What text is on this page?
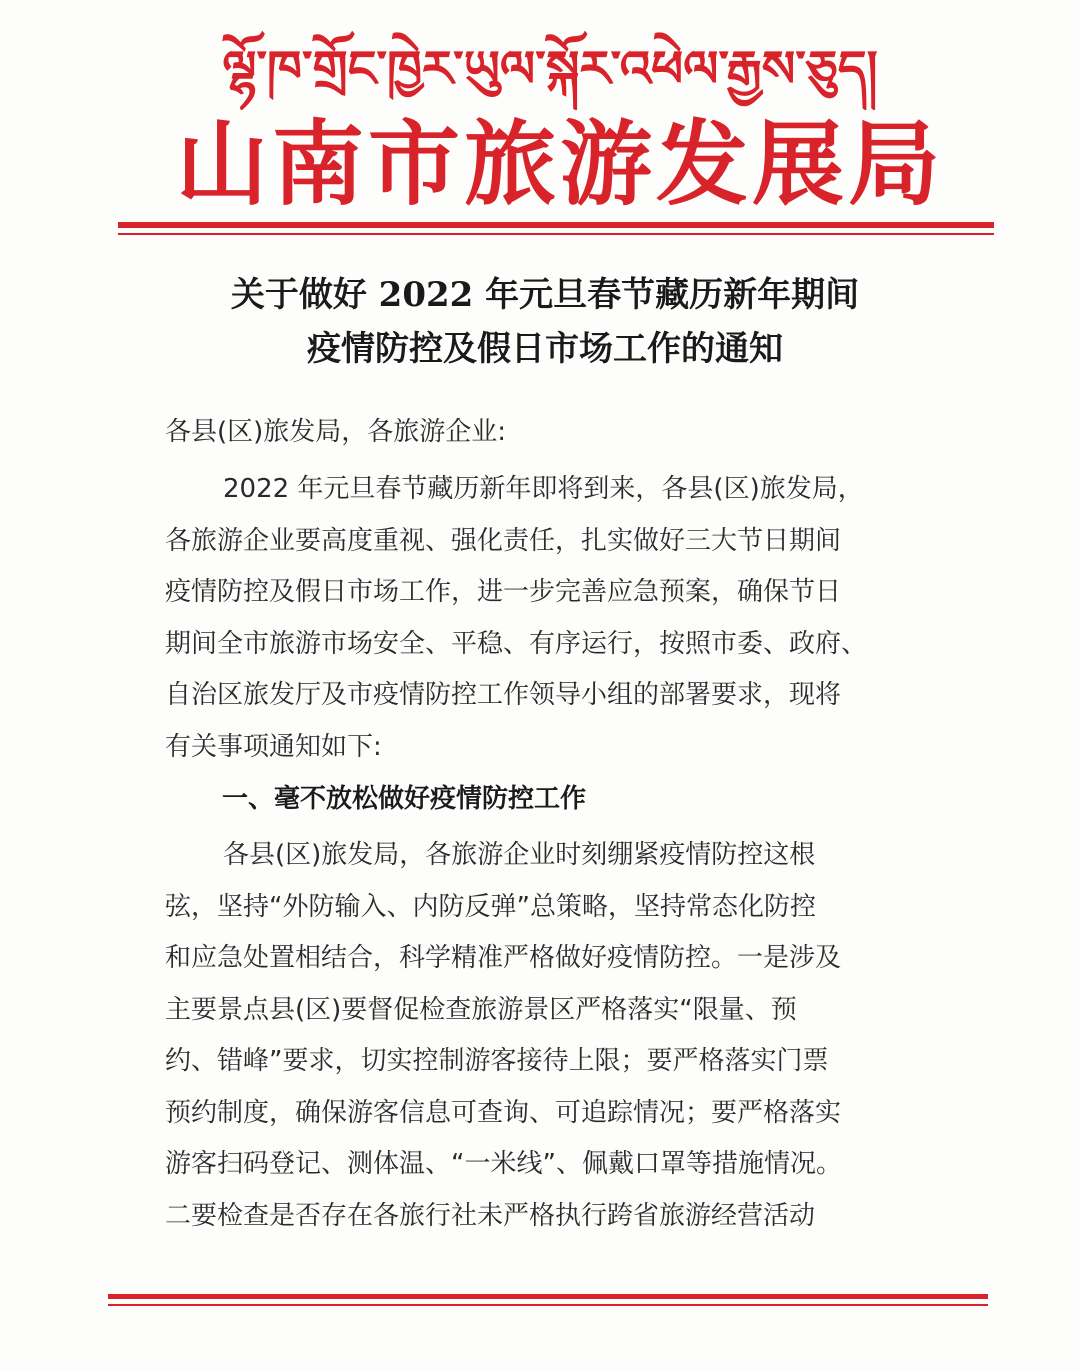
ལྷོ་ཁ་གྲོང་ཁྱེར་ཡུལ་སྐོར་འཕེལ་རྒྱས་ཅུད།
山南市旅游发展局
关于做好 2022 年元旦春节藏历新年期间
疫情防控及假日市场工作的通知
各县(区)旅发局，各旅游企业:
2022 年元旦春节藏历新年即将到来，各县(区)旅发局，
各旅游企业要高度重视、强化责任，扎实做好三大节日期间
疫情防控及假日市场工作，进一步完善应急预案，确保节日
期间全市旅游市场安全、平稳、有序运行，按照市委、政府、
自治区旅发厅及市疫情防控工作领导小组的部署要求，现将
有关事项通知如下:
一、毫不放松做好疫情防控工作
各县(区)旅发局，各旅游企业时刻绷紧疫情防控这根
弦，坚持“外防输入、内防反弹”总策略，坚持常态化防控
和应急处置相结合，科学精准严格做好疫情防控。一是涉及
主要景点县(区)要督促检查旅游景区严格落实“限量、预
约、错峰”要求，切实控制游客接待上限；要严格落实门票
预约制度，确保游客信息可查询、可追踪情况；要严格落实
游客扫码登记、测体温、“一米线”、佩戴口罩等措施情况。
二要检查是否存在各旅行社未严格执行跨省旅游经营活动
